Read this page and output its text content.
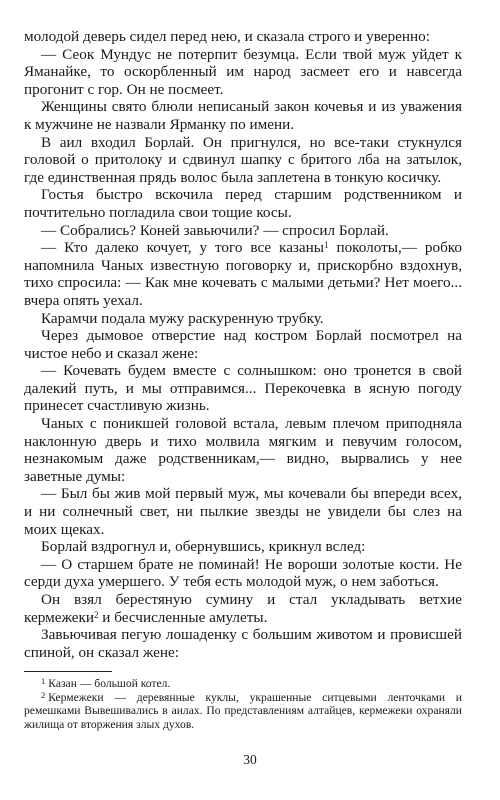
молодой деверь сидел перед нею, и сказала строго и уверенно:

— Сеок Мундус не потерпит безумца. Если твой муж уйдет к Яманайке, то оскорбленный им народ засмеет его и навсегда прогонит с гор. Он не посмеет.

Женщины свято блюли неписаный закон кочевья и из уважения к мужчине не назвали Ярманку по имени.

В аил входил Борлай. Он пригнулся, но все-таки стукнулся головой о притолоку и сдвинул шапку с бритого лба на затылок, где единственная прядь волос была заплетена в тонкую косичку.

Гостья быстро вскочила перед старшим родственником и почтительно погладила свои тощие косы.

— Собрались? Коней завьючили? — спросил Борлай.

— Кто далеко кочует, у того все казаны$^1$ поколоты,— робко напомнила Чаных известную поговорку и, прискорбно вздохнув, тихо спросила: — Как мне кочевать с малыми детьми? Нет моего... вчера опять уехал.

Карамчи подала мужу раскуренную трубку.

Через дымовое отверстие над костром Борлай посмотрел на чистое небо и сказал жене:

— Кочевать будем вместе с солнышком: оно тронется в свой далекий путь, и мы отправимся... Перекочевка в ясную погоду принесет счастливую жизнь.

Чаных с поникшей головой встала, левым плечом приподняла наклонную дверь и тихо молвила мягким и певучим голосом, незнакомым даже родственникам,— видно, вырвались у нее заветные думы:

— Был бы жив мой первый муж, мы кочевали бы впереди всех, и ни солнечный свет, ни пылкие звезды не увидели бы слез на моих щеках.

Борлай вздрогнул и, обернувшись, крикнул вслед:

— О старшем брате не поминай! Не вороши золотые кости. Не серди духа умершего. У тебя есть молодой муж, о нем заботься.

Он взял берестяную сумину и стал укладывать ветхие кермежеки$^2$ и бесчисленные амулеты.

Завьючивая пегую лошаденку с большим животом и провисшей спиной, он сказал жене:

$^1$ Казан — большой котел.

$^2$ Кермежеки — деревянные куклы, украшенные ситцевыми ленточками и ремешками Вывешивались в аилах. По представлениям алтайцев, кермежеки охраняли жилища от вторжения злых духов.

30
